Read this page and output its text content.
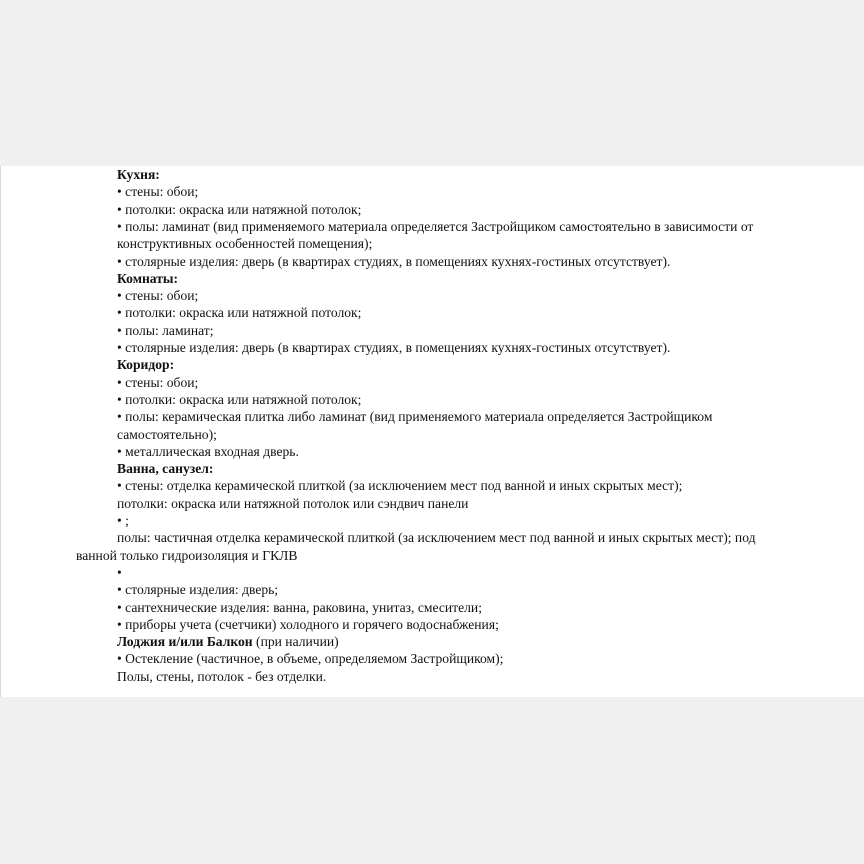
Кухня:
• стены: обои;
• потолки: окраска или натяжной потолок;
• полы: ламинат (вид применяемого материала определяется Застройщиком самостоятельно в зависимости от
конструктивных особенностей помещения);
• столярные изделия: дверь (в квартирах студиях, в помещениях кухнях-гостиных отсутствует).
Комнаты:
• стены: обои;
• потолки: окраска или натяжной потолок;
• полы: ламинат;
• столярные изделия: дверь (в квартирах студиях, в помещениях кухнях-гостиных отсутствует).
Коридор:
• стены: обои;
• потолки: окраска или натяжной потолок;
• полы: керамическая плитка либо ламинат (вид применяемого материала определяется Застройщиком
самостоятельно);
• металлическая входная дверь.
Ванна, санузел:
• стены: отделка керамической плиткой (за исключением мест под ванной и иных скрытых мест);
потолки: окраска или натяжной потолок или сэндвич панели
• ;
полы: частичная отделка керамической плиткой (за исключением мест под ванной и иных скрытых мест); под
ванной только гидроизоляция и ГКЛВ
•
• столярные изделия: дверь;
• сантехнические изделия: ванна, раковина, унитаз, смесители;
• приборы учета (счетчики) холодного и горячего водоснабжения;
Лоджия и/или Балкон (при наличии)
• Остекление (частичное, в объеме, определяемом Застройщиком);
Полы, стены, потолок - без отделки.
